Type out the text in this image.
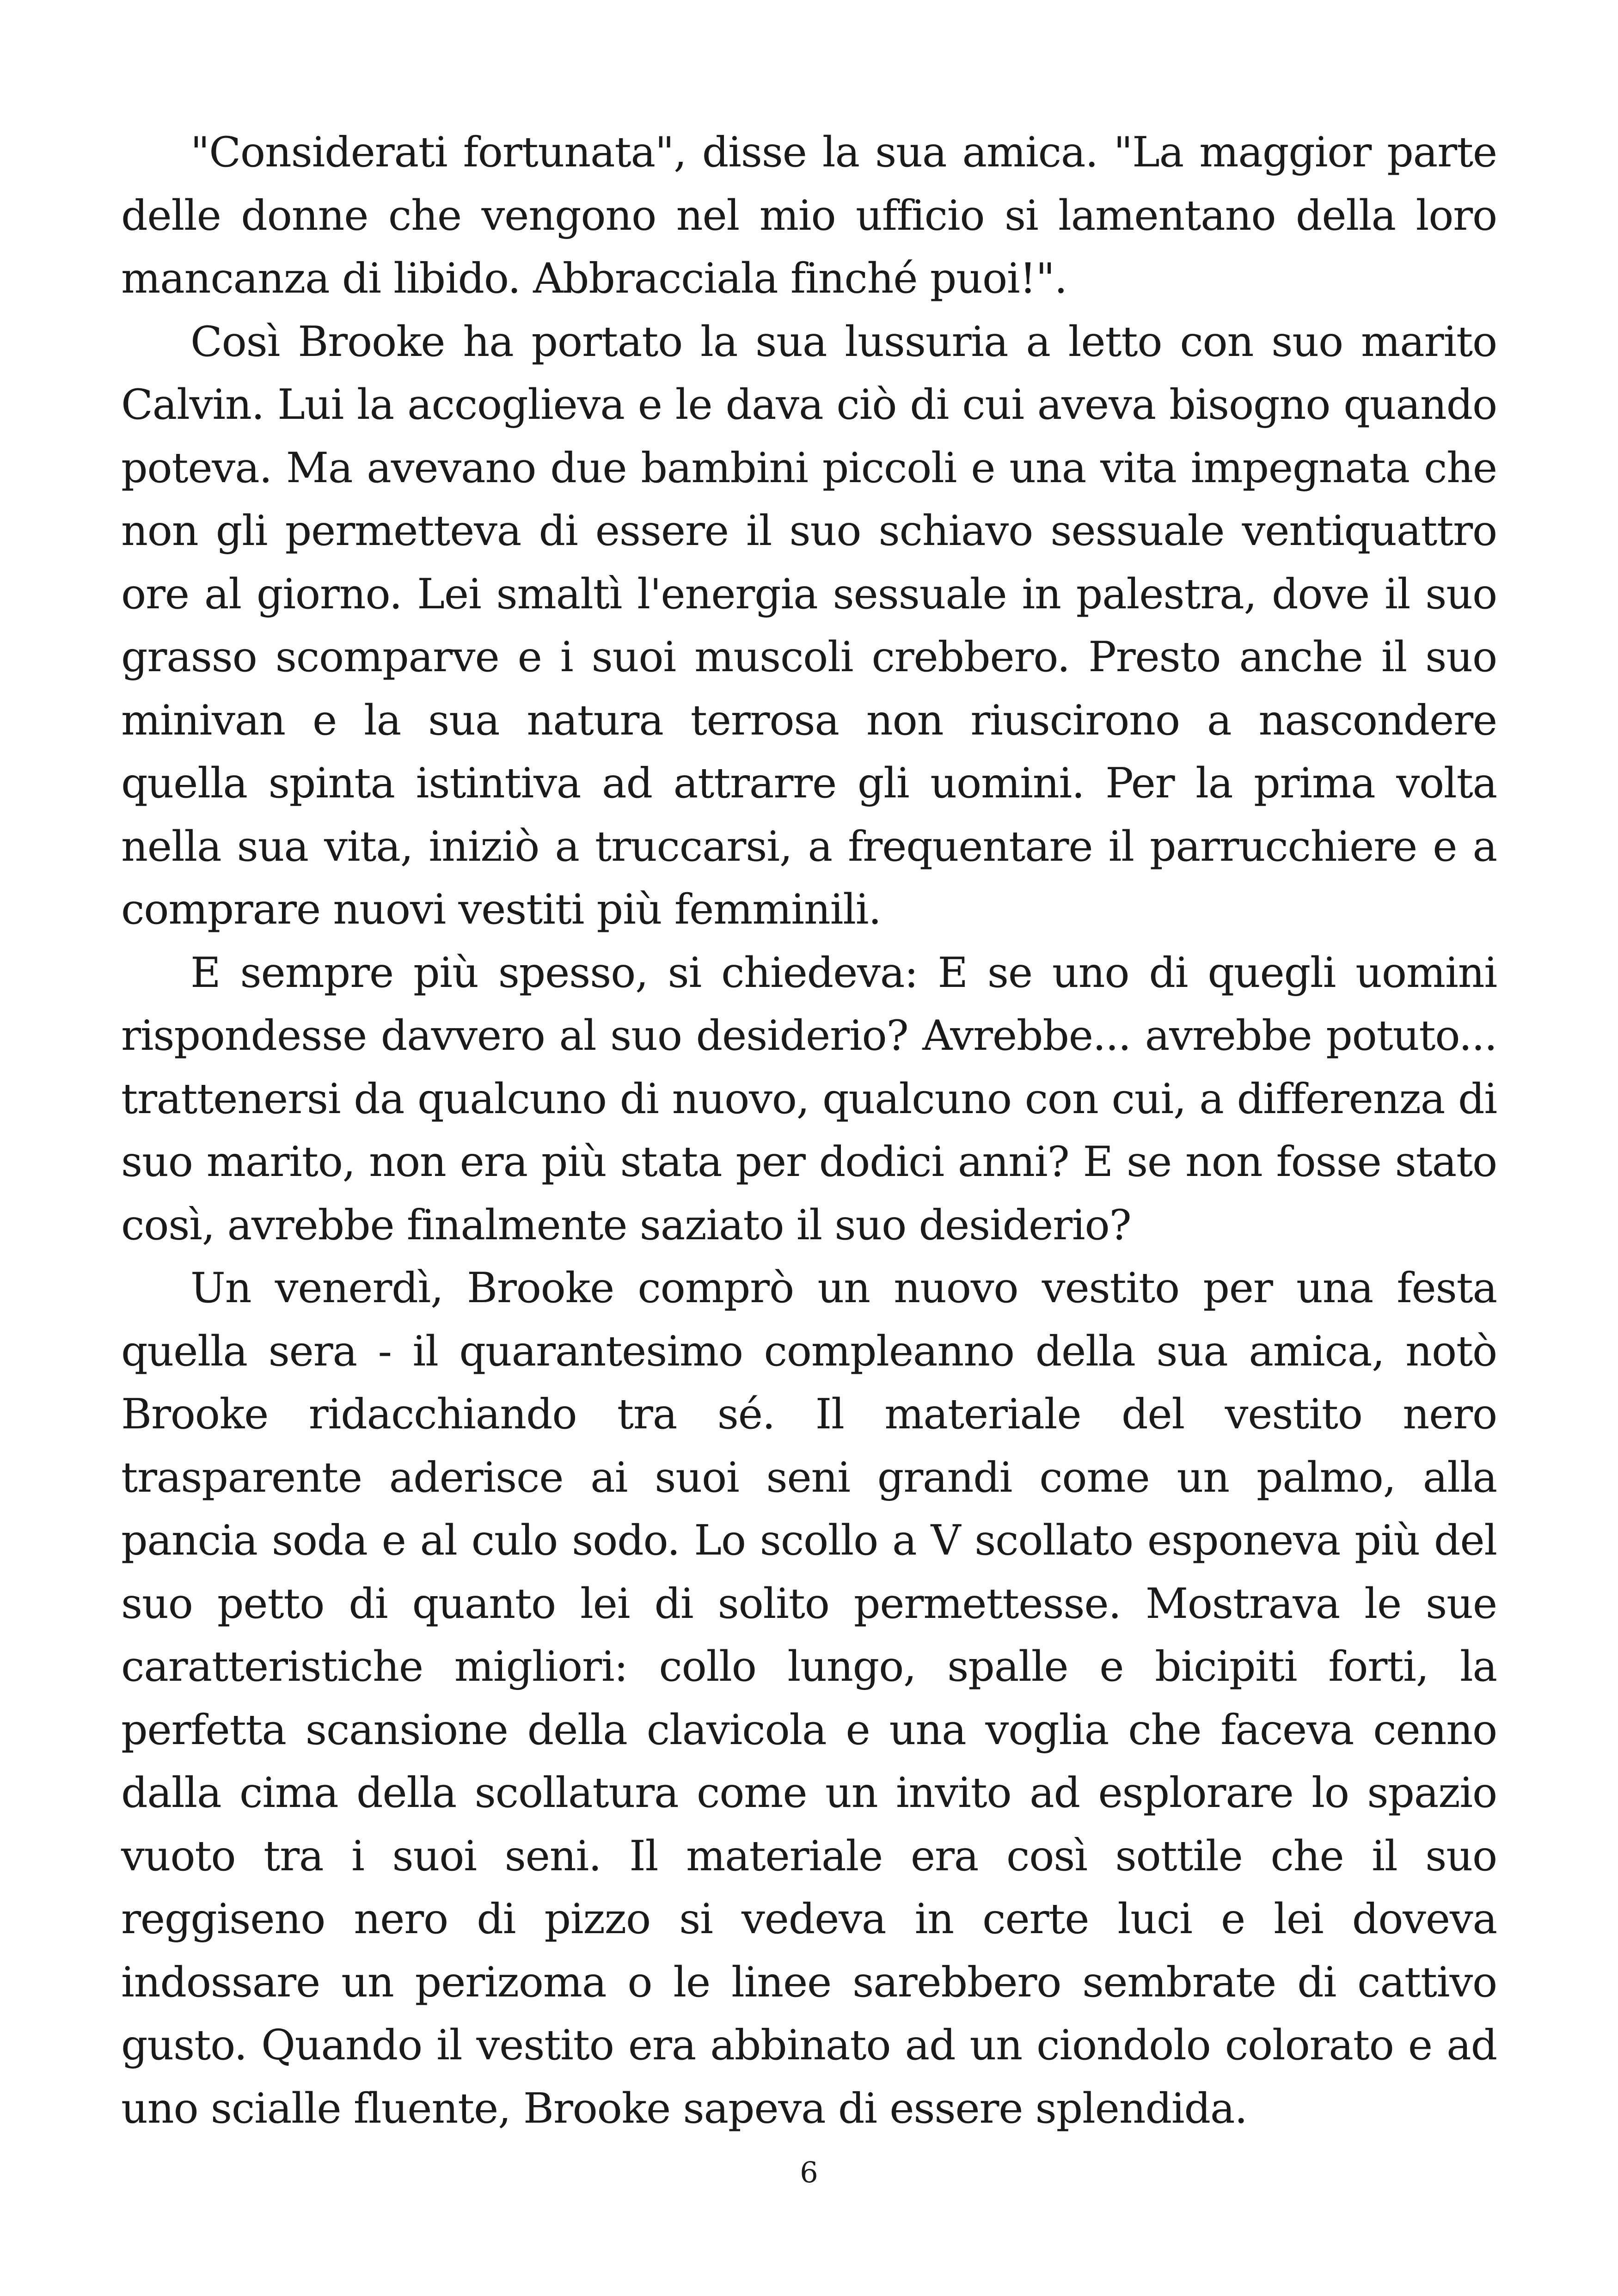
"Considerati fortunata", disse la sua amica. "La maggior parte delle donne che vengono nel mio ufficio si lamentano della loro mancanza di libido. Abbracciala finché puoi!".

Così Brooke ha portato la sua lussuria a letto con suo marito Calvin. Lui la accoglieva e le dava ciò di cui aveva bisogno quando poteva. Ma avevano due bambini piccoli e una vita impegnata che non gli permetteva di essere il suo schiavo sessuale ventiquattro ore al giorno. Lei smaltì l'energia sessuale in palestra, dove il suo grasso scomparve e i suoi muscoli crebbero. Presto anche il suo minivan e la sua natura terrosa non riuscirono a nascondere quella spinta istintiva ad attrarre gli uomini. Per la prima volta nella sua vita, iniziò a truccarsi, a frequentare il parrucchiere e a comprare nuovi vestiti più femminili.

E sempre più spesso, si chiedeva: E se uno di quegli uomini rispondesse davvero al suo desiderio? Avrebbe... avrebbe potuto... trattenersi da qualcuno di nuovo, qualcuno con cui, a differenza di suo marito, non era più stata per dodici anni? E se non fosse stato così, avrebbe finalmente saziato il suo desiderio?

Un venerdì, Brooke comprò un nuovo vestito per una festa quella sera - il quarantesimo compleanno della sua amica, notò Brooke ridacchiando tra sé. Il materiale del vestito nero trasparente aderisce ai suoi seni grandi come un palmo, alla pancia soda e al culo sodo. Lo scollo a V scollato esponeva più del suo petto di quanto lei di solito permettesse. Mostrava le sue caratteristiche migliori: collo lungo, spalle e bicipiti forti, la perfetta scansione della clavicola e una voglia che faceva cenno dalla cima della scollatura come un invito ad esplorare lo spazio vuoto tra i suoi seni. Il materiale era così sottile che il suo reggiseno nero di pizzo si vedeva in certe luci e lei doveva indossare un perizoma o le linee sarebbero sembrate di cattivo gusto. Quando il vestito era abbinato ad un ciondolo colorato e ad uno scialle fluente, Brooke sapeva di essere splendida.

6
